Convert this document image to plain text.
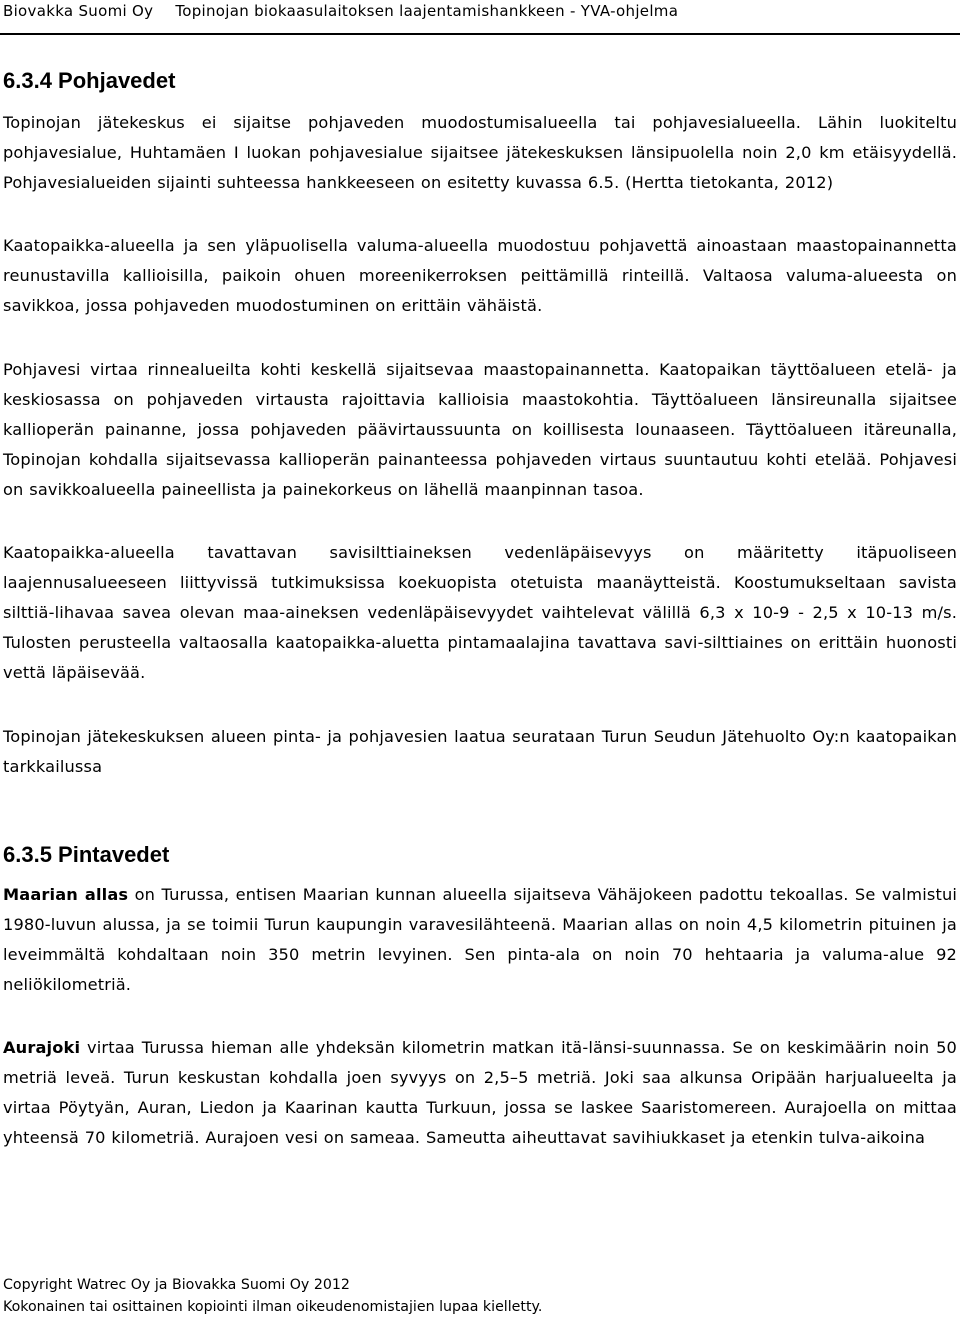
Biovakka Suomi Oy Topinojan biokaasulaitoksen laajentamishankkeen - YVA-ohjelma
6.3.4 Pohjavedet

Topinojan jätekeskus ei sijaitse pohjaveden muodostumisalueella tai pohjavesialueella. Lähin luokiteltu pohjavesialue, Huhtamäen I luokan pohjavesialue sijaitsee jätekeskuksen länsipuolella noin 2,0 km etäisyydellä. Pohjavesialueiden sijainti suhteessa hankkeeseen on esitetty kuvassa 6.5. (Hertta tietokanta, 2012)

Kaatopaikka-alueella ja sen yläpuolisella valuma-alueella muodostuu pohjavettä ainoastaan maastopainannetta reunustavilla kallioisilla, paikoin ohuen moreenikerroksen peittämillä rinteillä. Valtaosa valuma-alueesta on savikkoa, jossa pohjaveden muodostuminen on erittäin vähäistä.

Pohjavesi virtaa rinnealueilta kohti keskellä sijaitsevaa maastopainannetta. Kaatopaikan täyttöalueen etelä- ja keskiosassa on pohjaveden virtausta rajoittavia kallioisia maastokohtia. Täyttöalueen länsireunalla sijaitsee kallioperän painanne, jossa pohjaveden päävirtaussuunta on koillisesta lounaaseen. Täyttöalueen itäreunalla, Topinojan kohdalla sijaitsevassa kallioperän painanteessa pohjaveden virtaus suuntautuu kohti etelää. Pohjavesi on savikkoalueella paineellista ja painekorkeus on lähellä maanpinnan tasoa.

Kaatopaikka-alueella tavattavan savisilttiaineksen vedenläpäisevyys on määritetty itäpuoliseen laajennusalueeseen liittyvissä tutkimuksissa koekuopista otetuista maanäytteistä. Koostumukseltaan savista silttiä-lihavaa savea olevan maa-aineksen vedenläpäisevyydet vaihtelevat välillä 6,3 x 10-9 - 2,5 x 10-13 m/s. Tulosten perusteella valtaosalla kaatopaikka-aluetta pintamaalajina tavattava savi-silttiaines on erittäin huonosti vettä läpäisevää.

Topinojan jätekeskuksen alueen pinta- ja pohjavesien laatua seurataan Turun Seudun Jätehuolto Oy:n kaatopaikan tarkkailussa

6.3.5 Pintavedet

Maarian allas on Turussa, entisen Maarian kunnan alueella sijaitseva Vähäjokeen padottu tekoallas. Se valmistui 1980-luvun alussa, ja se toimii Turun kaupungin varavesilähteenä. Maarian allas on noin 4,5 kilometrin pituinen ja leveimmältä kohdaltaan noin 350 metrin levyinen. Sen pinta-ala on noin 70 hehtaaria ja valuma-alue 92 neliökilometriä.

Aurajoki virtaa Turussa hieman alle yhdeksän kilometrin matkan itä-länsi-suunnassa. Se on keskimäärin noin 50 metriä leveä. Turun keskustan kohdalla joen syvyys on 2,5–5 metriä. Joki saa alkunsa Oripään harjualueelta ja virtaa Pöytyän, Auran, Liedon ja Kaarinan kautta Turkuun, jossa se laskee Saaristomereen. Aurajoella on mittaa yhteensä 70 kilometriä. Aurajoen vesi on sameaa. Sameutta aiheuttavat savihiukkaset ja etenkin tulva-aikoina

Copyright Watrec Oy ja Biovakka Suomi Oy 2012
Kokonainen tai osittainen kopiointi ilman oikeudenomistajien lupaa kielletty.
